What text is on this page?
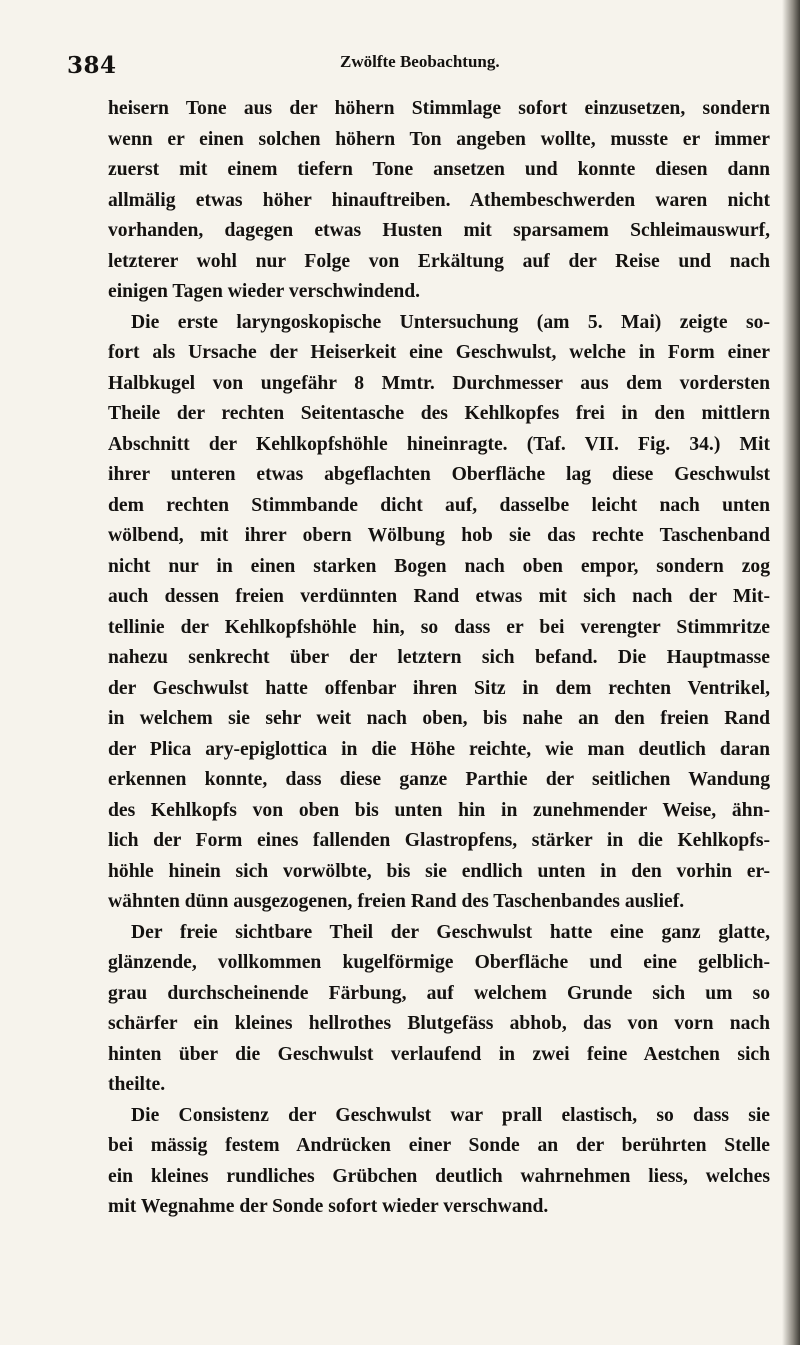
384	Zwölfte Beobachtung.
heisern Tone aus der höhern Stimmlage sofort einzusetzen, sondern
wenn er einen solchen höhern Ton angeben wollte, musste er immer
zuerst mit einem tiefern Tone ansetzen und konnte diesen dann
allmälig etwas höher hinauftreiben. Athembeschwerden waren nicht
vorhanden, dagegen etwas Husten mit sparsamem Schleimauswurf,
letzterer wohl nur Folge von Erkältung auf der Reise und nach
einigen Tagen wieder verschwindend.
Die erste laryngoskopische Untersuchung (am 5. Mai) zeigte so-
fort als Ursache der Heiserkeit eine Geschwulst, welche in Form einer
Halbkugel von ungefähr 8 Mmtr. Durchmesser aus dem vordersten
Theile der rechten Seitentasche des Kehlkopfes frei in den mittlern
Abschnitt der Kehlkopfshöhle hineinragte. (Taf. VII. Fig. 34.) Mit
ihrer unteren etwas abgeflachten Oberfläche lag diese Geschwulst
dem rechten Stimmbande dicht auf, dasselbe leicht nach unten
wölbend, mit ihrer obern Wölbung hob sie das rechte Taschenband
nicht nur in einen starken Bogen nach oben empor, sondern zog
auch dessen freien verdünnten Rand etwas mit sich nach der Mit-
tellinie der Kehlkopfshöhle hin, so dass er bei verengter Stimmritze
nahezu senkrecht über der letztern sich befand. Die Hauptmasse
der Geschwulst hatte offenbar ihren Sitz in dem rechten Ventrikel,
in welchem sie sehr weit nach oben, bis nahe an den freien Rand
der Plica ary-epiglottica in die Höhe reichte, wie man deutlich daran
erkennen konnte, dass diese ganze Parthie der seitlichen Wandung
des Kehlkopfs von oben bis unten hin in zunehmender Weise, ähn-
lich der Form eines fallenden Glastropfens, stärker in die Kehlkopfs-
höhle hinein sich vorwölbte, bis sie endlich unten in den vorhin er-
wähnten dünn ausgezogenen, freien Rand des Taschenbandes auslief.
Der freie sichtbare Theil der Geschwulst hatte eine ganz glatte,
glänzende, vollkommen kugelförmige Oberfläche und eine gelblich-
grau durchscheinende Färbung, auf welchem Grunde sich um so
schärfer ein kleines hellrothes Blutgefäss abhob, das von vorn nach
hinten über die Geschwulst verlaufend in zwei feine Aestchen sich
theilte.
Die Consistenz der Geschwulst war prall elastisch, so dass sie
bei mässig festem Andrücken einer Sonde an der berührten Stelle
ein kleines rundliches Grübchen deutlich wahrnehmen liess, welches
mit Wegnahme der Sonde sofort wieder verschwand.
